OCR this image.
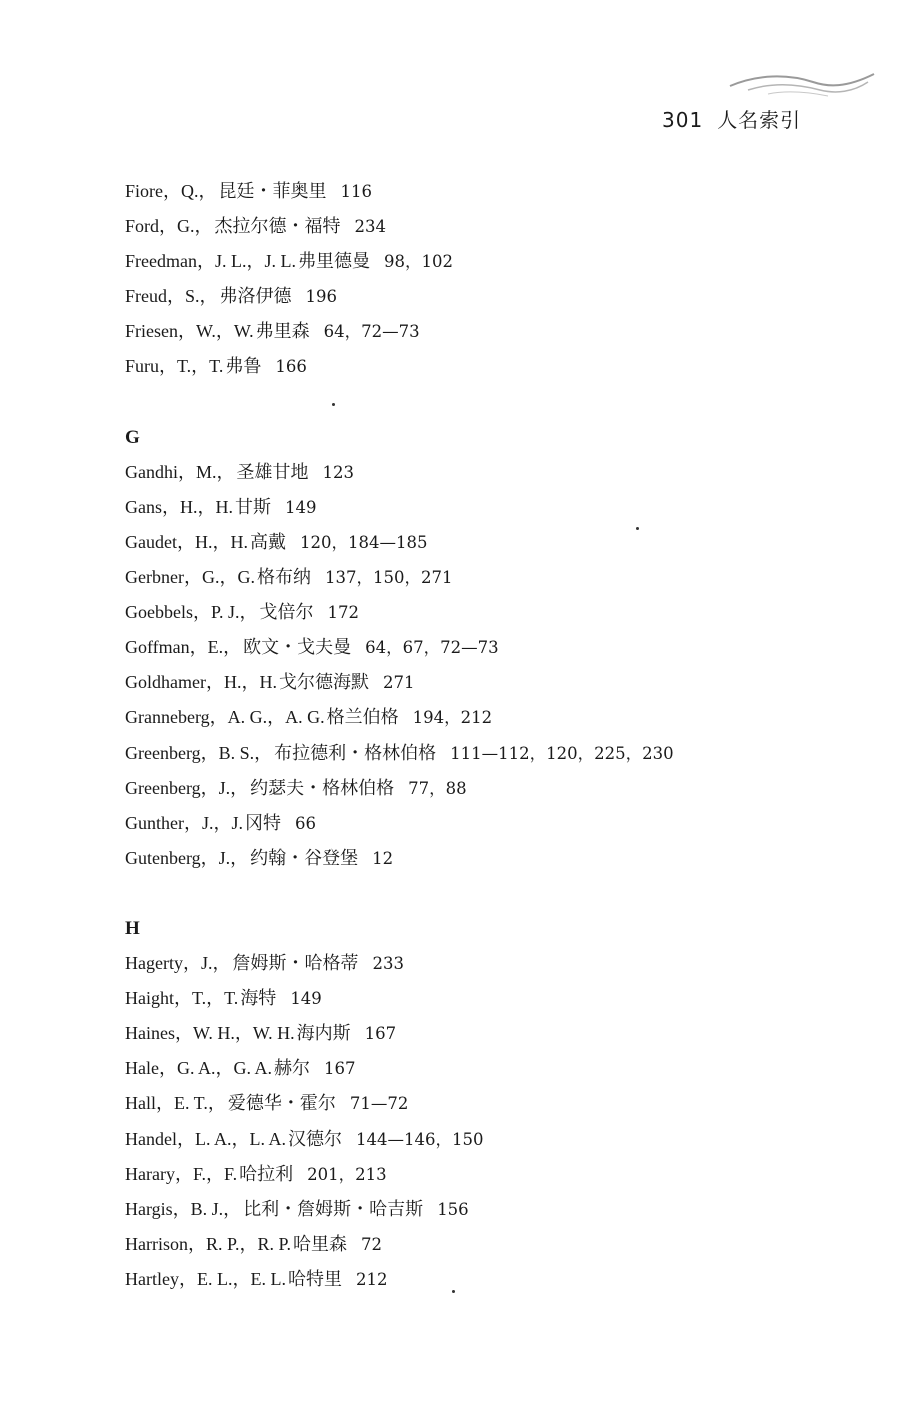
301 人名索引
Fiore，Q.， 昆廷・菲奥里 116
Ford，G.， 杰拉尔德・福特 234
Freedman，J. L.，J. L. 弗里德曼 98，102
Freud，S.， 弗洛伊德 196
Friesen，W.，W. 弗里森 64，72—73
Furu，T.，T. 弗鲁 166
G
Gandhi，M.， 圣雄甘地 123
Gans，H.，H. 甘斯 149
Gaudet，H.，H. 高戴 120，184—185
Gerbner，G.，G. 格布纳 137，150，271
Goebbels，P. J.， 戈倍尔 172
Goffman，E.， 欧文・戈夫曼 64，67，72—73
Goldhamer，H.，H. 戈尔德海默 271
Granneberg，A. G.，A. G. 格兰伯格 194，212
Greenberg，B. S.， 布拉德利・格林伯格 111—112，120，225，230
Greenberg，J.， 约瑟夫・格林伯格 77，88
Gunther，J.，J. 冈特 66
Gutenberg，J.， 约翰・谷登堡 12
H
Hagerty，J.， 詹姆斯・哈格蒂 233
Haight，T.，T. 海特 149
Haines，W. H.，W. H. 海内斯 167
Hale，G. A.，G. A. 赫尔 167
Hall，E. T.， 爱德华・霍尔 71—72
Handel，L. A.，L. A. 汉德尔 144—146，150
Harary，F.，F. 哈拉利 201，213
Hargis，B. J.， 比利・詹姆斯・哈吉斯 156
Harrison，R. P.，R. P. 哈里森 72
Hartley，E. L.，E. L. 哈特里 212
